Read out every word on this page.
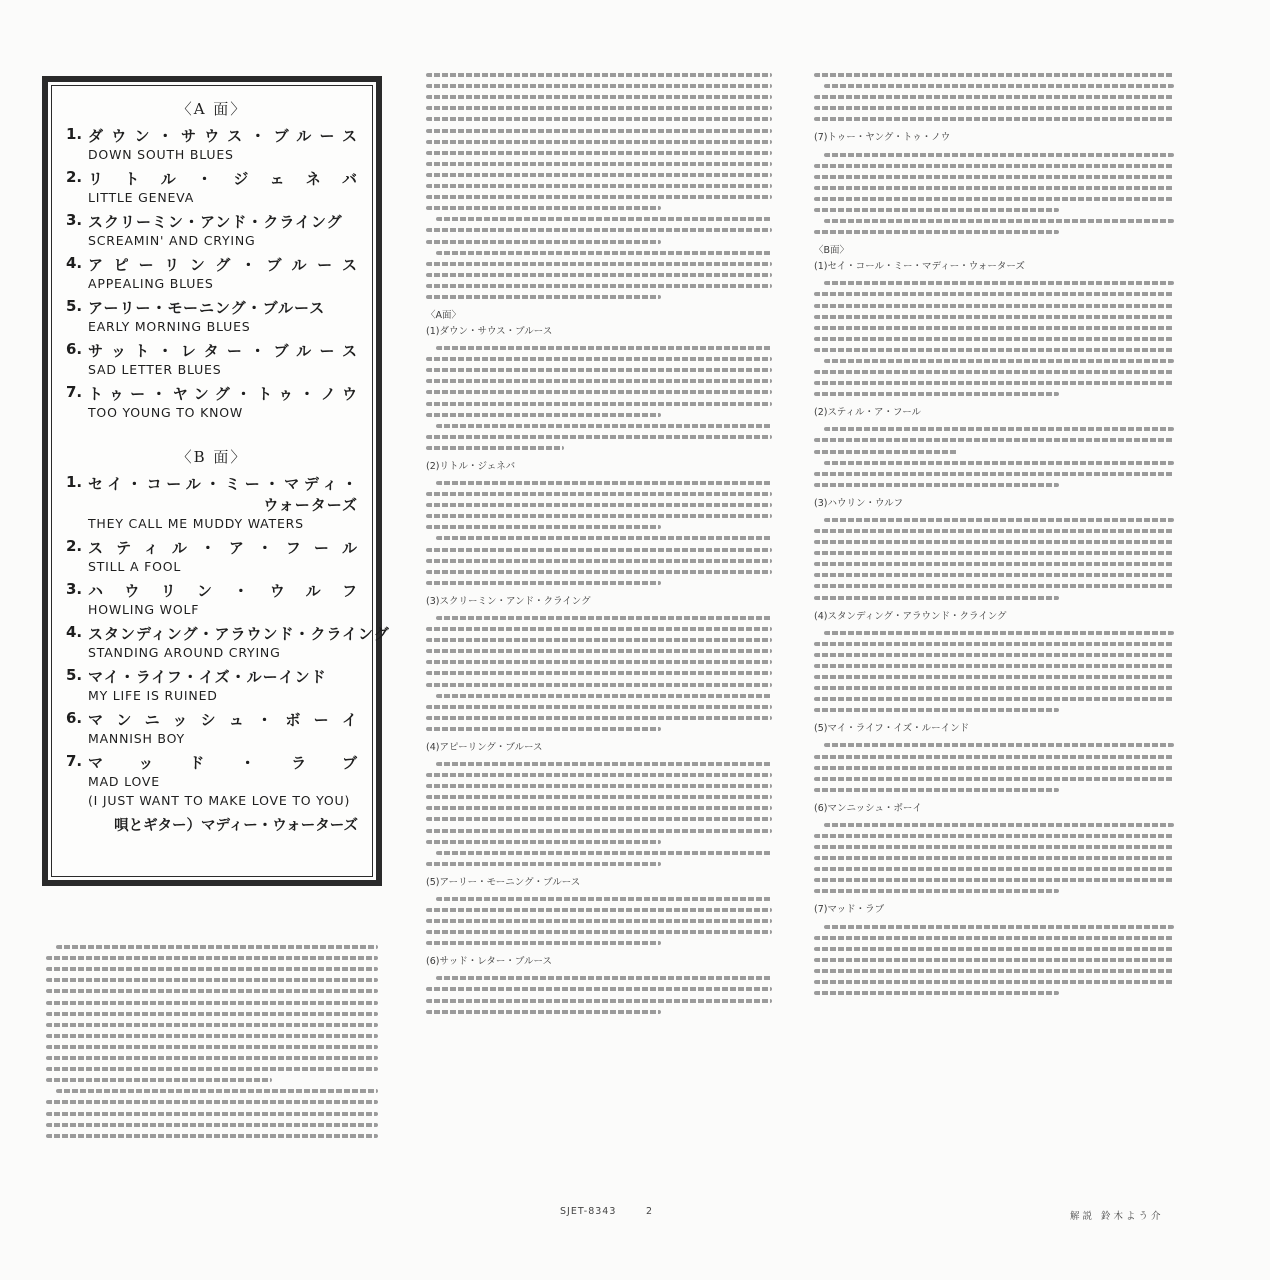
〈A 面〉
1. ダウン・サウス・ブルース
DOWN SOUTH BLUES
2. リトル・ジェネバ
LITTLE GENEVA
3. スクリーミン・アンド・クライング
SCREAMIN' AND CRYING
4. アピーリング・ブルース
APPEALING BLUES
5. アーリー・モーニング・ブルース
EARLY MORNING BLUES
6. サット・レター・ブルース
SAD LETTER BLUES
7. トゥー・ヤング・トゥ・ノウ
TOO YOUNG TO KNOW
〈B 面〉
1. セイ・コール・ミー・マディ・
ウォーターズ
THEY CALL ME MUDDY WATERS
2. スティル・ア・フール
STILL A FOOL
3. ハウリン・ウルフ
HOWLING WOLF
4. スタンディング・アラウンド・クライング
STANDING AROUND CRYING
5. マイ・ライフ・イズ・ルーインド
MY LIFE IS RUINED
6. マンニッシュ・ボーイ
MANNISH BOY
7. マッド・ラブ
MAD LOVE
(I JUST WANT TO MAKE LOVE TO YOU)
唄とギター）マディー・ウォーターズ
〈A面〉
(1)ダウン・サウス・ブルース
(2)リトル・ジェネバ
(3)スクリーミン・アンド・クライング
(4)アピーリング・ブルース
(5)アーリー・モーニング・ブルース
(6)サッド・レター・ブルース
(7)トゥー・ヤング・トゥ・ノウ
〈B面〉
(1)セイ・コール・ミー・マディー・ウォーターズ
(2)スティル・ア・フール
(3)ハウリン・ウルフ
(4)スタンディング・アラウンド・クライング
(5)マイ・ライフ・イズ・ルーインド
(6)マンニッシュ・ボーイ
(7)マッド・ラブ
SJET-8343	2	解説 鈴木よう介
